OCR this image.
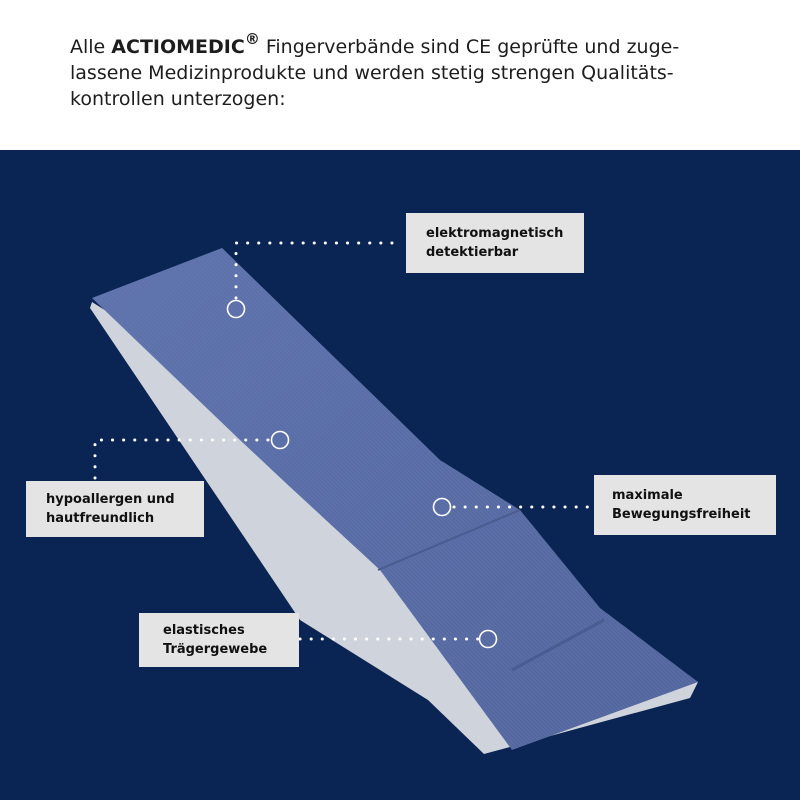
Alle ACTIOMEDIC® Fingerverbände sind CE geprüfte und zuge-
lassene Medizinprodukte und werden stetig strengen Qualitäts-
kontrollen unterzogen:
elektromagnetisch
detektierbar
hypoallergen und
hautfreundlich
maximale
Bewegungsfreiheit
elastisches
Trägergewebe
